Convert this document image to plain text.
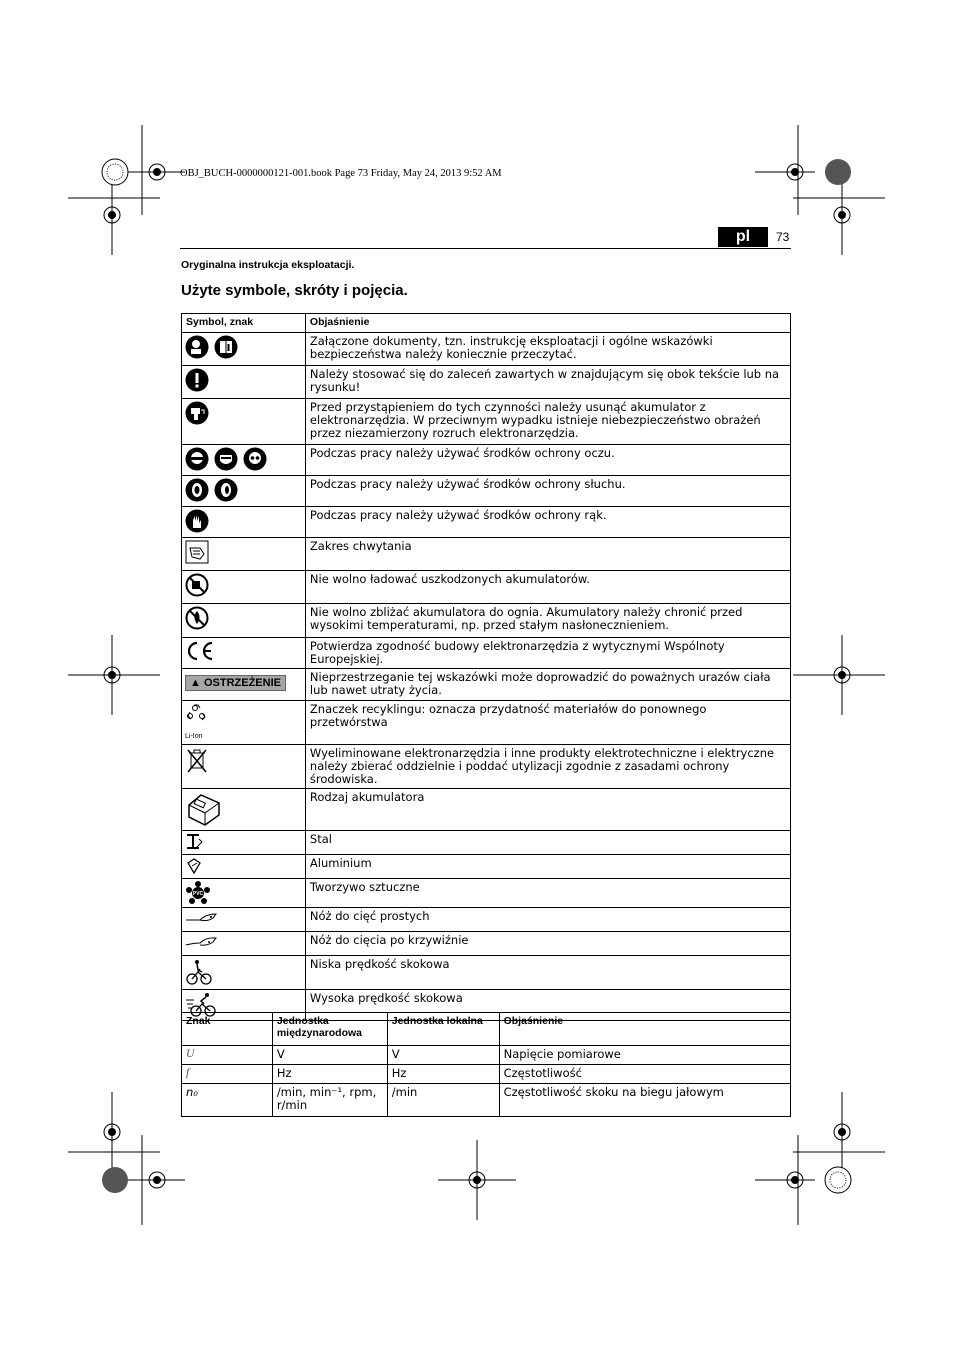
OBJ_BUCH-0000000121-001.book Page 73 Friday, May 24, 2013 9:52 AM
pl	73
Oryginalna instrukcja eksploatacji.
Użyte symbole, skróty i pojęcia.
Symbol, znak	Objaśnienie
	Załączone dokumenty, tzn. instrukcję eksploatacji i ogólne wskazówki bezpieczeństwa należy koniecznie przeczytać.
	Należy stosować się do zaleceń zawartych w znajdującym się obok tekście lub na rysunku!
	Przed przystąpieniem do tych czynności należy usunąć akumulator z elektronarzędzia. W przeciwnym wypadku istnieje niebezpieczeństwo obrażeń przez niezamierzony rozruch elektronarzędzia.
	Podczas pracy należy używać środków ochrony oczu.
	Podczas pracy należy używać środków ochrony słuchu.
	Podczas pracy należy używać środków ochrony rąk.
	Zakres chwytania
	Nie wolno ładować uszkodzonych akumulatorów.
	Nie wolno zbliżać akumulatora do ognia. Akumulatory należy chronić przed wysokimi temperaturami, np. przed stałym nasłonecznieniem.
	Potwierdza zgodność budowy elektronarzędzia z wytycznymi Wspólnoty Europejskiej.
▲ OSTRZEŻENIE	Nieprzestrzeganie tej wskazówki może doprowadzić do poważnych urazów ciała lub nawet utraty życia.

Li-Ion	Znaczek recyklingu: oznacza przydatność materiałów do ponownego przetwórstwa
	Wyeliminowane elektronarzędzia i inne produkty elektrotechniczne i elektryczne należy zbierać oddzielnie i poddać utylizacji zgodnie z zasadami ochrony środowiska.
	Rodzaj akumulatora
	Stal
	Aluminium

PVC	Tworzywo sztuczne
	Nóż do cięć prostych
	Nóż do cięcia po krzywiźnie
	Niska prędkość skokowa
	Wysoka prędkość skokowa
Znak	Jednostka międzynarodowa	Jednostka lokalna	Objaśnienie
U	V	V	Napięcie pomiarowe
f	Hz	Hz	Częstotliwość
n₀	/min, min⁻¹, rpm, r/min	/min	Częstotliwość skoku na biegu jałowym
